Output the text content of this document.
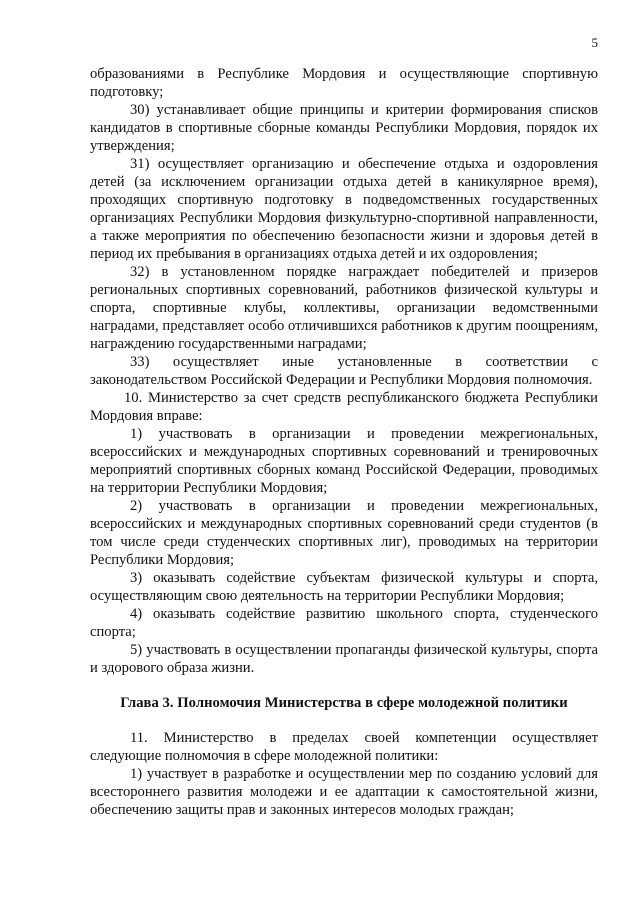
5

образованиями в Республике Мордовия и осуществляющие спортивную подготовку;

30) устанавливает общие принципы и критерии формирования списков кандидатов в спортивные сборные команды Республики Мордовия, порядок их утверждения;

31) осуществляет организацию и обеспечение отдыха и оздоровления детей (за исключением организации отдыха детей в каникулярное время), проходящих спортивную подготовку в подведомственных государственных организациях Республики Мордовия физкультурно-спортивной направленности, а также мероприятия по обеспечению безопасности жизни и здоровья детей в период их пребывания в организациях отдыха детей и их оздоровления;

32) в установленном порядке награждает победителей и призеров региональных спортивных соревнований, работников физической культуры и спорта, спортивные клубы, коллективы, организации ведомственными наградами, представляет особо отличившихся работников к другим поощрениям, награждению государственными наградами;

33) осуществляет иные установленные в соответствии с законодательством Российской Федерации и Республики Мордовия полномочия.

10. Министерство за счет средств республиканского бюджета Республики Мордовия вправе:

1) участвовать в организации и проведении межрегиональных, всероссийских и международных спортивных соревнований и тренировочных мероприятий спортивных сборных команд Российской Федерации, проводимых на территории Республики Мордовия;

2) участвовать в организации и проведении межрегиональных, всероссийских и международных спортивных соревнований среди студентов (в том числе среди студенческих спортивных лиг), проводимых на территории Республики Мордовия;

3) оказывать содействие субъектам физической культуры и спорта, осуществляющим свою деятельность на территории Республики Мордовия;

4) оказывать содействие развитию школьного спорта, студенческого спорта;

5) участвовать в осуществлении пропаганды физической культуры, спорта и здорового образа жизни.

Глава 3. Полномочия Министерства в сфере молодежной политики

11. Министерство в пределах своей компетенции осуществляет следующие полномочия в сфере молодежной политики:

1) участвует в разработке и осуществлении мер по созданию условий для всестороннего развития молодежи и ее адаптации к самостоятельной жизни, обеспечению защиты прав и законных интересов молодых граждан;
